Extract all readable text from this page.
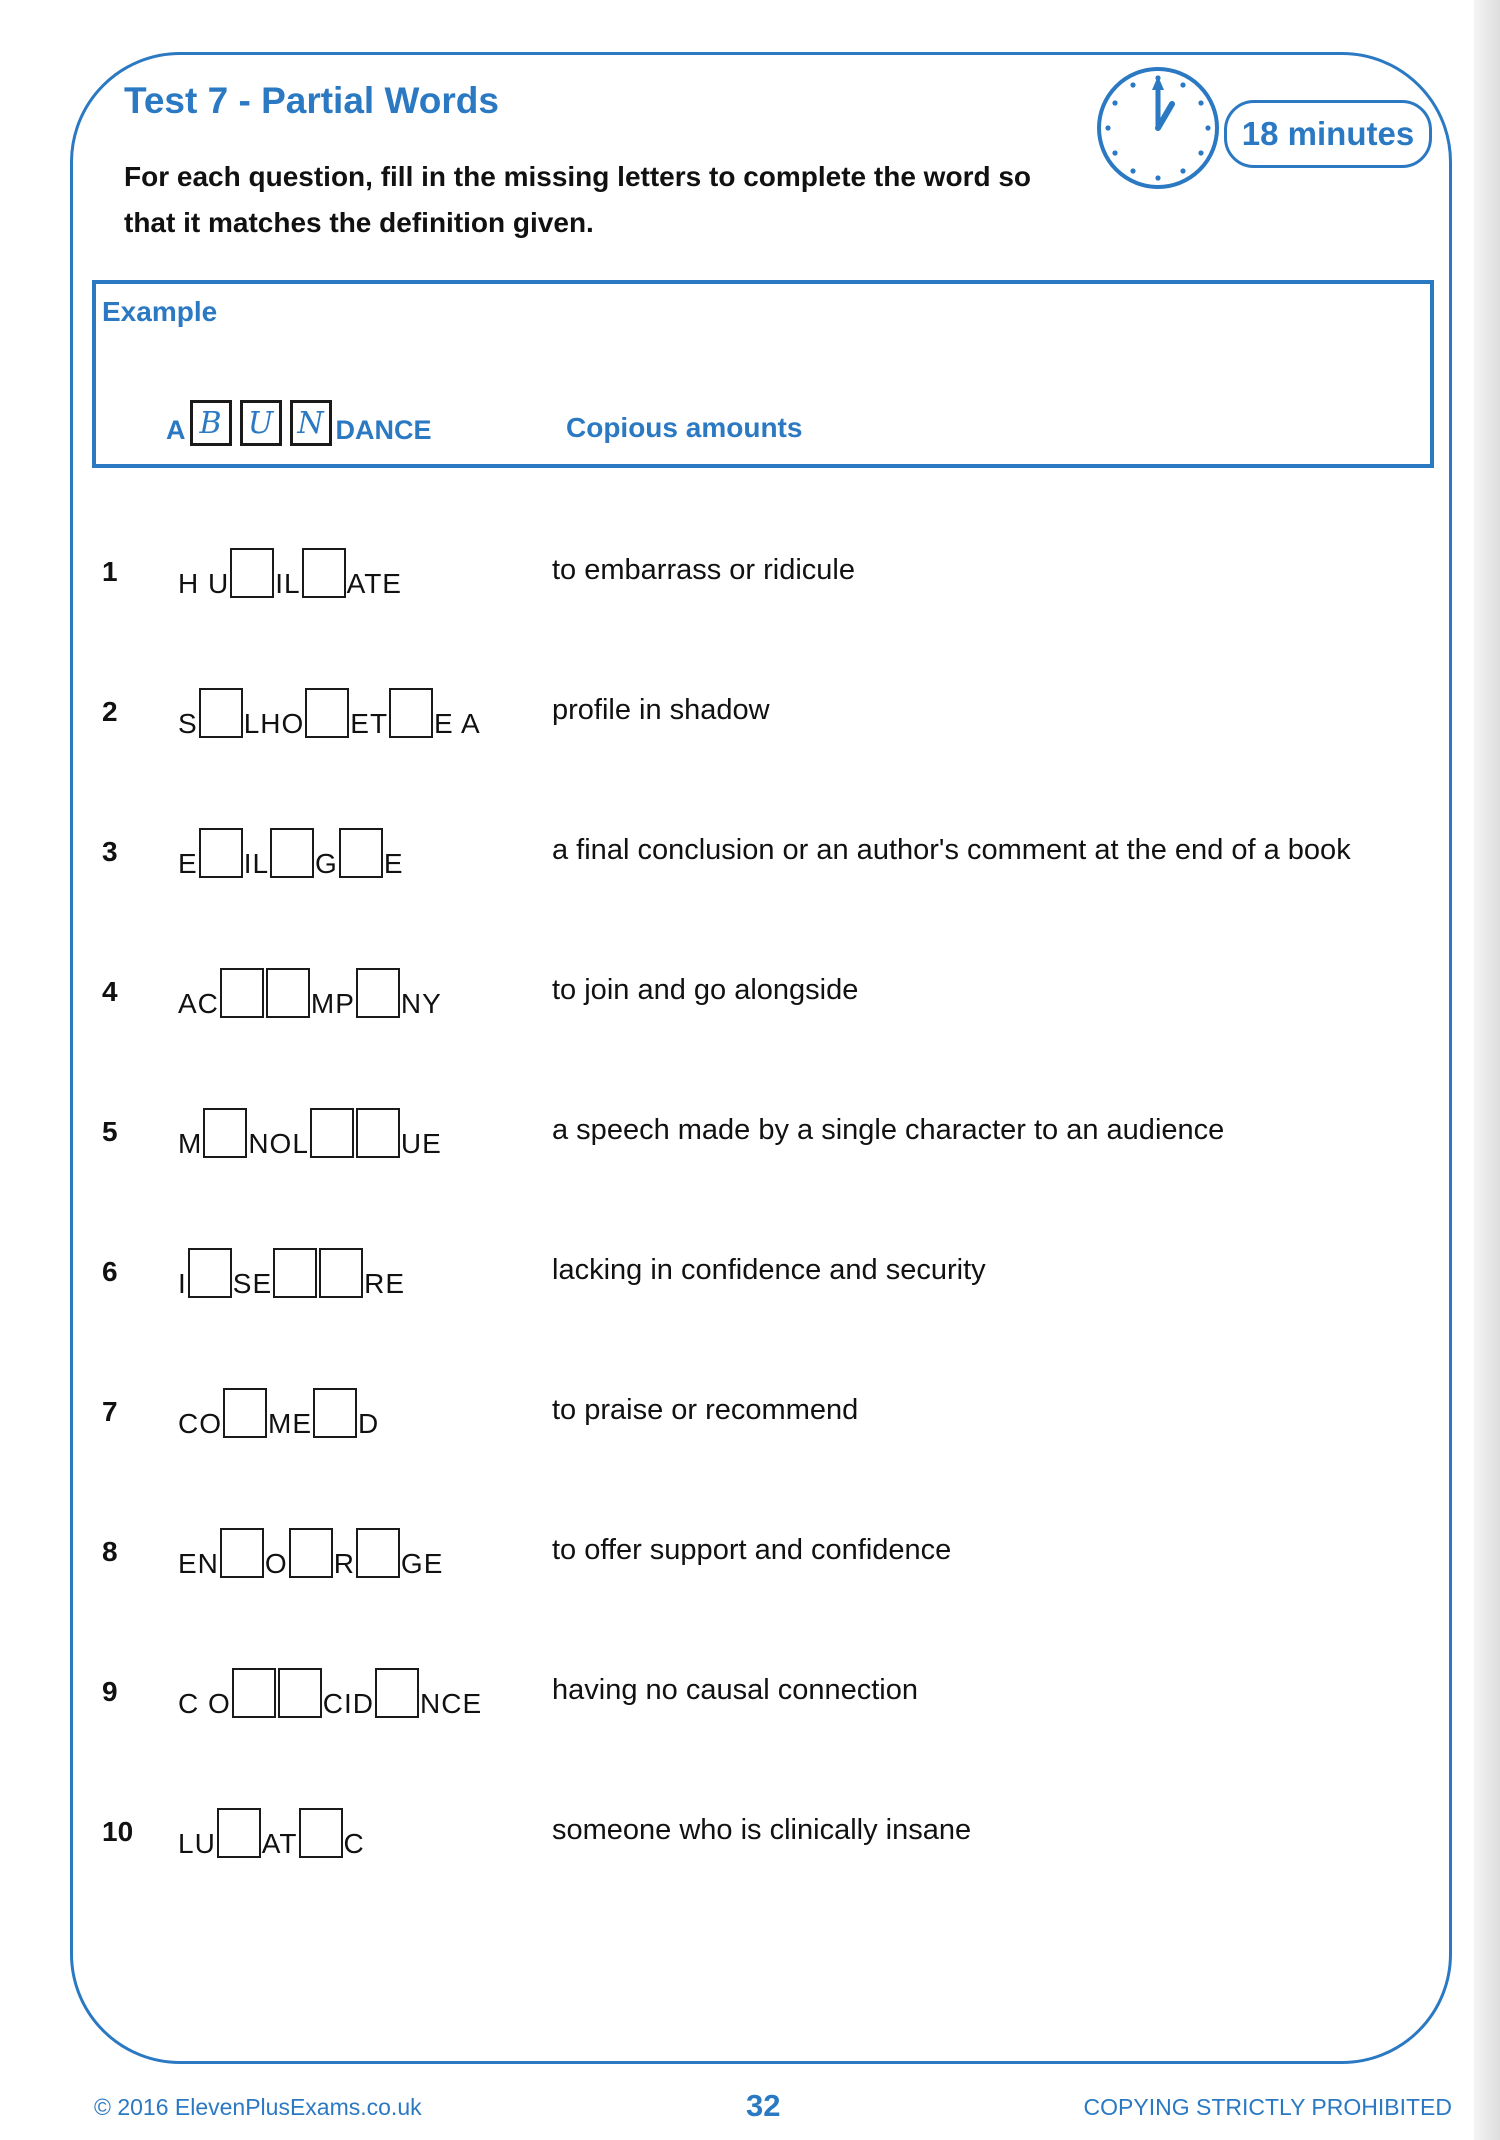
Test 7 - Partial Words
For each question, fill in the missing letters to complete the word so that it matches the definition given.
18 minutes
Example
A B U N DANCE	Copious amounts
1 H U IL ATE	to embarrass or ridicule
2 S LHO ET E A profile in shadow
3 E IL G E	a final conclusion or an author's comment at the end of a book
4 AC	MP NY	to join and go alongside
5 M NOL	UE	a speech made by a single character to an audience
6 I SE	RE	lacking in confidence and security
7 CO ME D	to praise or recommend
8 EN O R GE	to offer support and confidence
9 C O	CID NCE having no causal connection
10 LU AT C	someone who is clinically insane
© 2016 ElevenPlusExams.co.uk	32	COPYING STRICTLY PROHIBITED
